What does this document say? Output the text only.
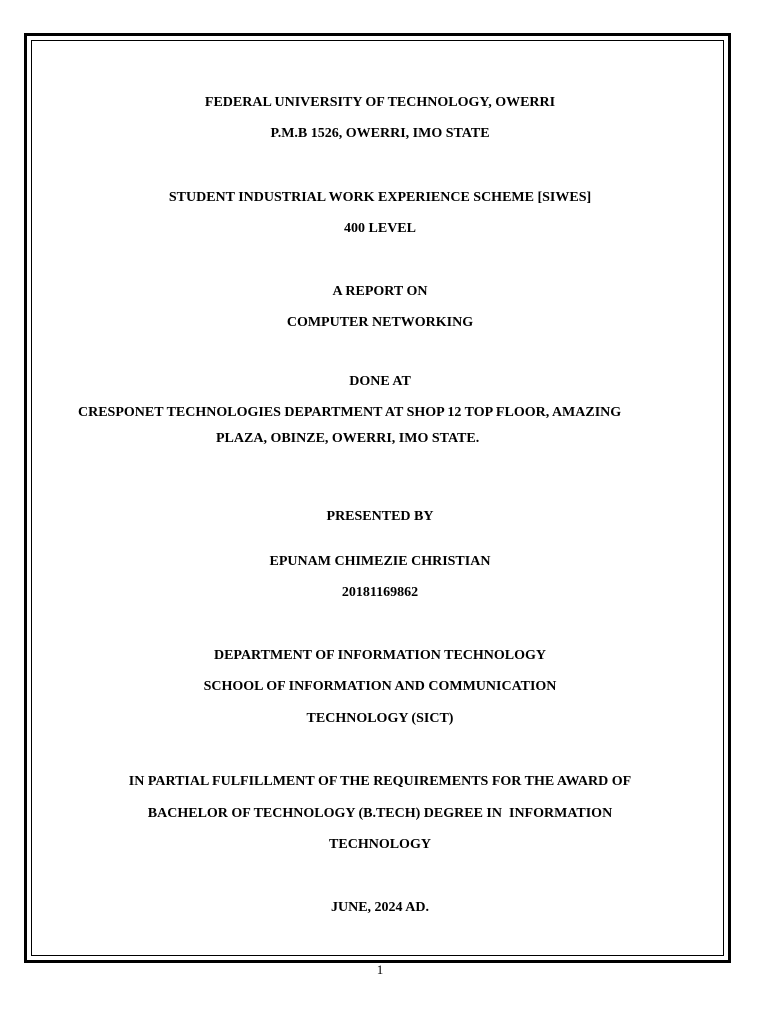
FEDERAL UNIVERSITY OF TECHNOLOGY, OWERRI
P.M.B 1526, OWERRI, IMO STATE
STUDENT INDUSTRIAL WORK EXPERIENCE SCHEME [SIWES]
400 LEVEL
A REPORT ON
COMPUTER NETWORKING
DONE AT
CRESPONET TECHNOLOGIES DEPARTMENT AT SHOP 12 TOP FLOOR, AMAZING
PLAZA, OBINZE, OWERRI, IMO STATE.
PRESENTED BY
EPUNAM CHIMEZIE CHRISTIAN
20181169862
DEPARTMENT OF INFORMATION TECHNOLOGY
SCHOOL OF INFORMATION AND COMMUNICATION
TECHNOLOGY (SICT)
IN PARTIAL FULFILLMENT OF THE REQUIREMENTS FOR THE AWARD OF
BACHELOR OF TECHNOLOGY (B.TECH) DEGREE IN  INFORMATION
TECHNOLOGY
JUNE, 2024 AD.
1
